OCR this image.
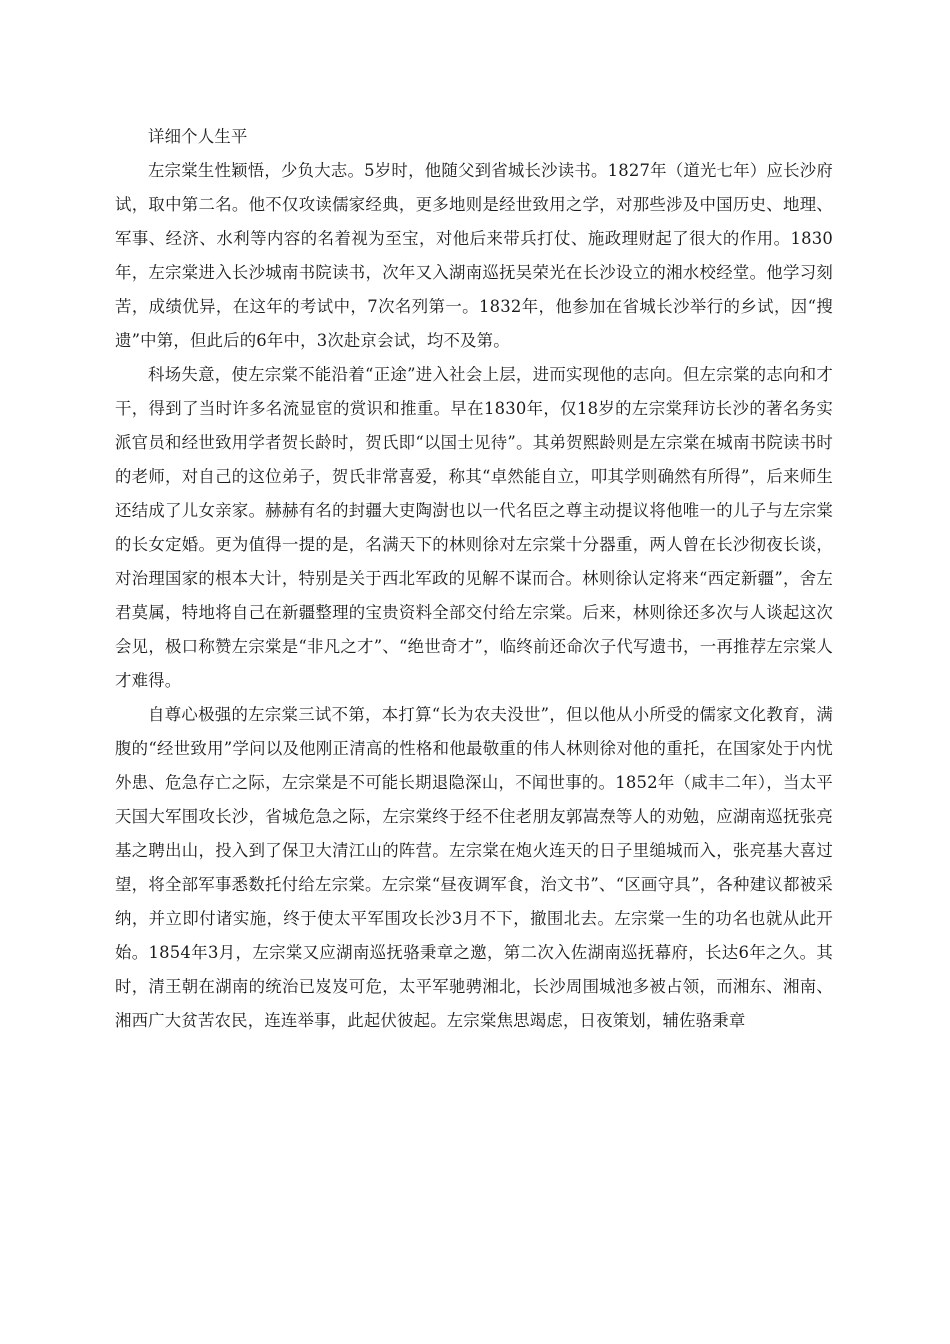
详细个人生平

左宗棠生性颖悟，少负大志。5岁时，他随父到省城长沙读书。1827年（道光七年）应长沙府试，取中第二名。他不仅攻读儒家经典，更多地则是经世致用之学，对那些涉及中国历史、地理、军事、经济、水利等内容的名着视为至宝，对他后来带兵打仗、施政理财起了很大的作用。1830年，左宗棠进入长沙城南书院读书，次年又入湖南巡抚吴荣光在长沙设立的湘水校经堂。他学习刻苦，成绩优异，在这年的考试中，7次名列第一。1832年，他参加在省城长沙举行的乡试，因“搜遗”中第，但此后的6年中，3次赴京会试，均不及第。

科场失意，使左宗棠不能沿着“正途”进入社会上层，进而实现他的志向。但左宗棠的志向和才干，得到了当时许多名流显宦的赏识和推重。早在1830年，仅18岁的左宗棠拜访长沙的著名务实派官员和经世致用学者贺长龄时，贺氏即“以国士见待”。其弟贺熙龄则是左宗棠在城南书院读书时的老师，对自己的这位弟子，贺氏非常喜爱，称其“卓然能自立，叩其学则确然有所得”，后来师生还结成了儿女亲家。赫赫有名的封疆大吏陶澍也以一代名臣之尊主动提议将他唯一的儿子与左宗棠的长女定婚。更为值得一提的是，名满天下的林则徐对左宗棠十分器重，两人曾在长沙彻夜长谈，对治理国家的根本大计，特别是关于西北军政的见解不谋而合。林则徐认定将来“西定新疆”，舍左君莫属，特地将自己在新疆整理的宝贵资料全部交付给左宗棠。后来，林则徐还多次与人谈起这次会见，极口称赞左宗棠是“非凡之才”、“绝世奇才”，临终前还命次子代写遗书，一再推荐左宗棠人才难得。

自尊心极强的左宗棠三试不第，本打算“长为农夫没世”，但以他从小所受的儒家文化教育，满腹的“经世致用”学问以及他刚正清高的性格和他最敬重的伟人林则徐对他的重托，在国家处于内忧外患、危急存亡之际，左宗棠是不可能长期退隐深山，不闻世事的。1852年（咸丰二年），当太平天国大军围攻长沙，省城危急之际，左宗棠终于经不住老朋友郭嵩焘等人的劝勉，应湖南巡抚张亮基之聘出山，投入到了保卫大清江山的阵营。左宗棠在炮火连天的日子里缒城而入，张亮基大喜过望，将全部军事悉数托付给左宗棠。左宗棠“昼夜调军食，治文书”、“区画守具”，各种建议都被采纳，并立即付诸实施，终于使太平军围攻长沙3月不下，撤围北去。左宗棠一生的功名也就从此开始。1854年3月，左宗棠又应湖南巡抚骆秉章之邀，第二次入佐湖南巡抚幕府，长达6年之久。其时，清王朝在湖南的统治已岌岌可危，太平军驰骋湘北，长沙周围城池多被占领，而湘东、湘南、湘西广大贫苦农民，连连举事，此起伏彼起。左宗棠焦思竭虑，日夜策划，辅佐骆秉章
